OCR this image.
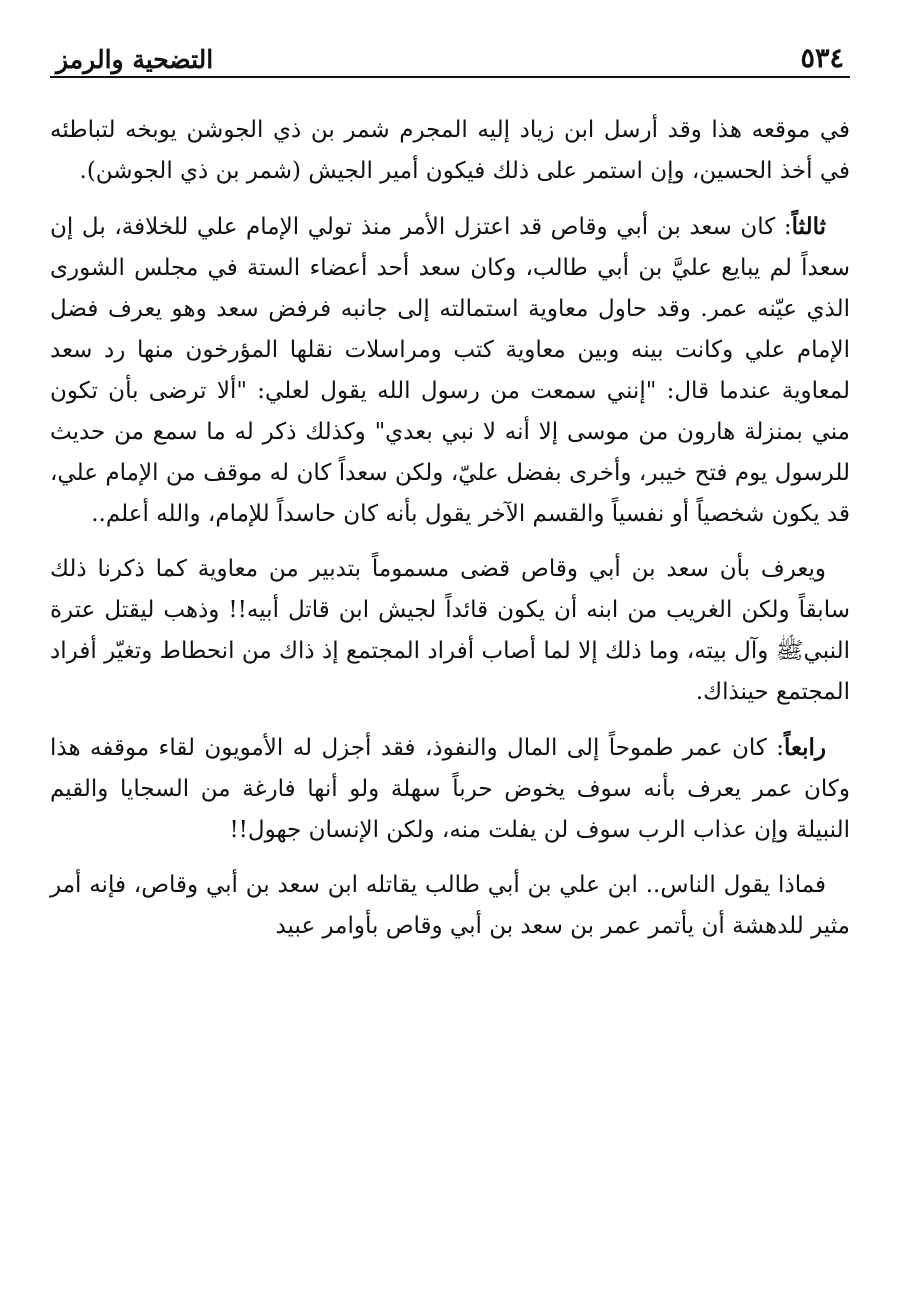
٥٣٤
التضحية والرمز

في موقعه هذا وقد أرسل ابن زياد إليه المجرم شمر بن ذي الجوشن يوبخه لتباطئه في أخذ الحسين، وإن استمر على ذلك فيكون أمير الجيش (شمر بن ذي الجوشن).

ثالثاً: كان سعد بن أبي وقاص قد اعتزل الأمر منذ تولي الإمام علي للخلافة، بل إن سعداً لم يبايع عليَّ بن أبي طالب، وكان سعد أحد أعضاء الستة في مجلس الشورى الذي عيّنه عمر. وقد حاول معاوية استمالته إلى جانبه فرفض سعد وهو يعرف فضل الإمام علي وكانت بينه وبين معاوية كتب ومراسلات نقلها المؤرخون منها رد سعد لمعاوية عندما قال: "إنني سمعت من رسول الله يقول لعلي: "ألا ترضى بأن تكون مني بمنزلة هارون من موسى إلا أنه لا نبي بعدي" وكذلك ذكر له ما سمع من حديث للرسول يوم فتح خيبر، وأخرى بفضل عليّ، ولكن سعداً كان له موقف من الإمام علي، قد يكون شخصياً أو نفسياً والقسم الآخر يقول بأنه كان حاسداً للإمام، والله أعلم..

ويعرف بأن سعد بن أبي وقاص قضى مسموماً بتدبير من معاوية كما ذكرنا ذلك سابقاً ولكن الغريب من ابنه أن يكون قائداً لجيش ابن قاتل أبيه!! وذهب ليقتل عترة النبيﷺ وآل بيته، وما ذلك إلا لما أصاب أفراد المجتمع إذ ذاك من انحطاط وتغيّر أفراد المجتمع حينذاك.

رابعاً: كان عمر طموحاً إلى المال والنفوذ، فقد أجزل له الأمويون لقاء موقفه هذا وكان عمر يعرف بأنه سوف يخوض حرباً سهلة ولو أنها فارغة من السجايا والقيم النبيلة وإن عذاب الرب سوف لن يفلت منه، ولكن الإنسان جهول!!

فماذا يقول الناس.. ابن علي بن أبي طالب يقاتله ابن سعد بن أبي وقاص، فإنه أمر مثير للدهشة أن يأتمر عمر بن سعد بن أبي وقاص بأوامر عبيد
